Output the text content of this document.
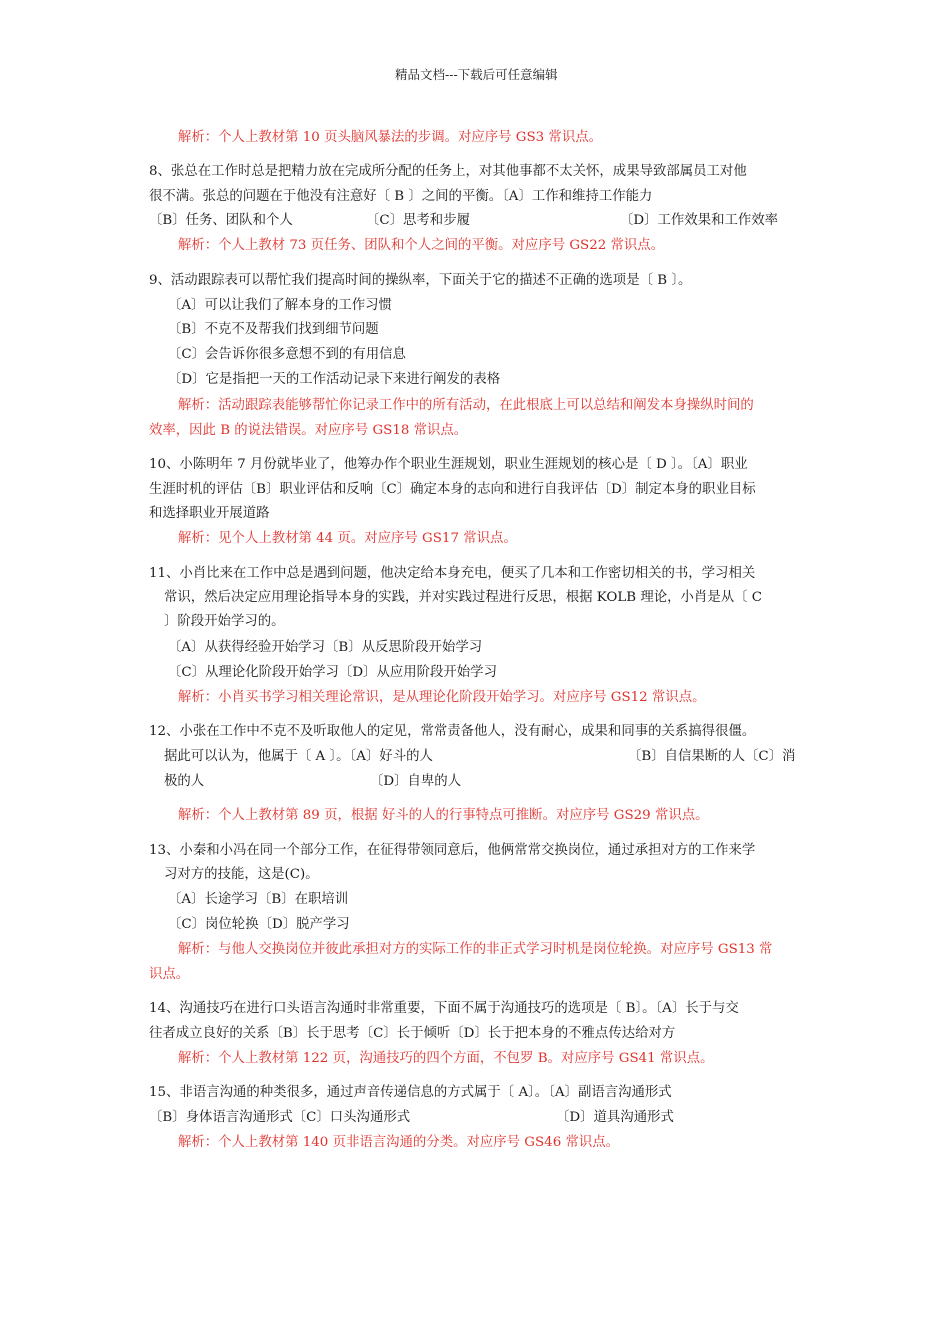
精品文档---下载后可任意编辑
解析：个人上教材第 10 页头脑风暴法的步调。对应序号 GS3 常识点。
8、张总在工作时总是把精力放在完成所分配的任务上，对其他事都不太关怀，成果导致部属员工对他
很不满。张总的问题在于他没有注意好〔 B 〕之间的平衡。〔A〕工作和维持工作能力
〔B〕任务、团队和个人	〔C〕思考和步履	〔D〕工作效果和工作效率
解析：个人上教材 73 页任务、团队和个人之间的平衡。对应序号 GS22 常识点。
9、活动跟踪表可以帮忙我们提高时间的操纵率，下面关于它的描述不正确的选项是〔 B 〕。
〔A〕可以让我们了解本身的工作习惯
〔B〕不克不及帮我们找到细节问题
〔C〕会告诉你很多意想不到的有用信息
〔D〕它是指把一天的工作活动记录下来进行阐发的表格
解析：活动跟踪表能够帮忙你记录工作中的所有活动，在此根底上可以总结和阐发本身操纵时间的
效率，因此 B 的说法错误。对应序号 GS18 常识点。
10、小陈明年 7 月份就毕业了，他筹办作个职业生涯规划，职业生涯规划的核心是〔 D 〕。〔A〕职业
生涯时机的评估〔B〕职业评估和反响〔C〕确定本身的志向和进行自我评估〔D〕制定本身的职业目标
和选择职业开展道路
解析：见个人上教材第 44 页。对应序号 GS17 常识点。
11、小肖比来在工作中总是遇到问题，他决定给本身充电，便买了几本和工作密切相关的书，学习相关
常识，然后决定应用理论指导本身的实践，并对实践过程进行反思，根据 KOLB 理论，小肖是从〔 C
〕阶段开始学习的。
〔A〕从获得经验开始学习〔B〕从反思阶段开始学习
〔C〕从理论化阶段开始学习〔D〕从应用阶段开始学习
解析：小肖买书学习相关理论常识，是从理论化阶段开始学习。对应序号 GS12 常识点。
12、小张在工作中不克不及听取他人的定见，常常责备他人，没有耐心，成果和同事的关系搞得很僵。
据此可以认为，他属于〔 A 〕。〔A〕好斗的人	〔B〕自信果断的人〔C〕消
极的人	〔D〕自卑的人
解析：个人上教材第 89 页，根据 好斗的人的行事特点可推断。对应序号 GS29 常识点。
13、小秦和小冯在同一个部分工作，在征得带领同意后，他俩常常交换岗位，通过承担对方的工作来学
习对方的技能，这是(C)。
〔A〕长途学习〔B〕在职培训
〔C〕岗位轮换〔D〕脱产学习
解析：与他人交换岗位并彼此承担对方的实际工作的非正式学习时机是岗位轮换。对应序号 GS13 常
识点。
14、沟通技巧在进行口头语言沟通时非常重要，下面不属于沟通技巧的选项是〔 B〕。〔A〕长于与交
往者成立良好的关系〔B〕长于思考〔C〕长于倾听〔D〕长于把本身的不雅点传达给对方
解析：个人上教材第 122 页，沟通技巧的四个方面，不包罗 B。对应序号 GS41 常识点。
15、非语言沟通的种类很多，通过声音传递信息的方式属于〔 A〕。〔A〕副语言沟通形式
〔B〕身体语言沟通形式〔C〕口头沟通形式	〔D〕道具沟通形式
解析：个人上教材第 140 页非语言沟通的分类。对应序号 GS46 常识点。
